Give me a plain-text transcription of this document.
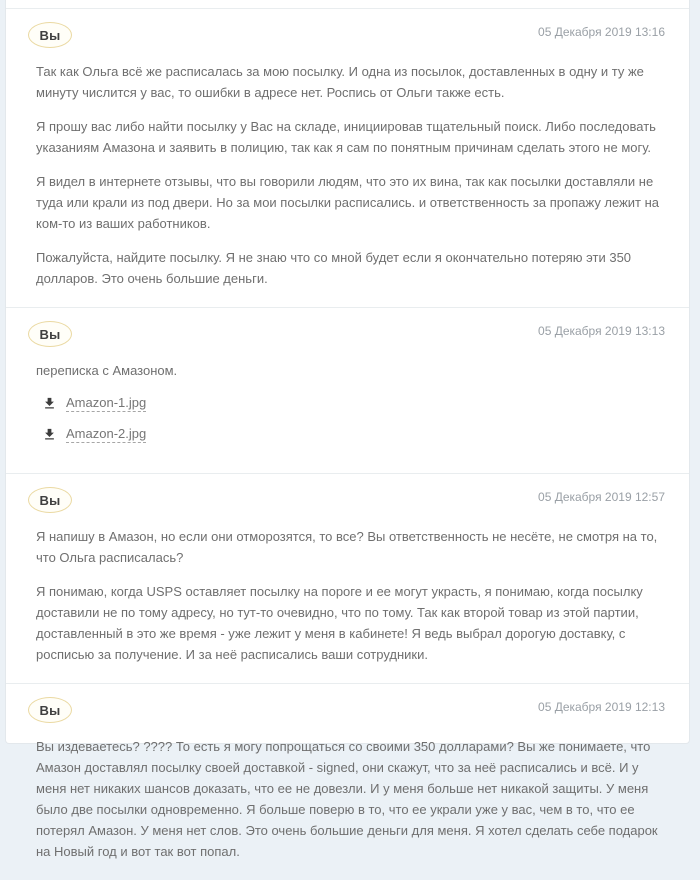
Вы	05 Декабря 2019 13:16

Так как Ольга всё же расписалась за мою посылку. И одна из посылок, доставленных в одну и ту же минуту числится у вас, то ошибки в адресе нет. Роспись от Ольги также есть.

Я прошу вас либо найти посылку у Вас на складе, инициировав тщательный поиск. Либо последовать указаниям Амазона и заявить в полицию, так как я сам по понятным причинам сделать этого не могу.

Я видел в интернете отзывы, что вы говорили людям, что это их вина, так как посылки доставляли не туда или крали из под двери. Но за мои посылки расписались. и ответственность за пропажу лежит на ком-то из ваших работников.

Пожалуйста, найдите посылку. Я не знаю что со мной будет если я окончательно потеряю эти 350 долларов. Это очень большие деньги.

Вы	05 Декабря 2019 13:13

переписка с Амазоном.

Amazon-1.jpg
Amazon-2.jpg
Вы	05 Декабря 2019 12:57

Я напишу в Амазон, но если они отморозятся, то все? Вы ответственность не несёте, не смотря на то, что Ольга расписалась?

Я понимаю, когда USPS оставляет посылку на пороге и ее могут украсть, я понимаю, когда посылку доставили не по тому адресу, но тут-то очевидно, что по тому. Так как второй товар из этой партии, доставленный в это же время - уже лежит у меня в кабинете! Я ведь выбрал дорогую доставку, с росписью за получение. И за неё расписались ваши сотрудники.

Вы	05 Декабря 2019 12:13

Вы издеваетесь? ???? То есть я могу попрощаться со своими 350 долларами? Вы же понимаете, что Амазон доставлял посылку своей доставкой - signed, они скажут, что за неё расписались и всё. И у меня нет никаких шансов доказать, что ее не довезли. И у меня больше нет никакой защиты. У меня было две посылки одновременно. Я больше поверю в то, что ее украли уже у вас, чем в то, что ее потерял Амазон. У меня нет слов. Это очень большие деньги для меня. Я хотел сделать себе подарок на Новый год и вот так вот попал.
